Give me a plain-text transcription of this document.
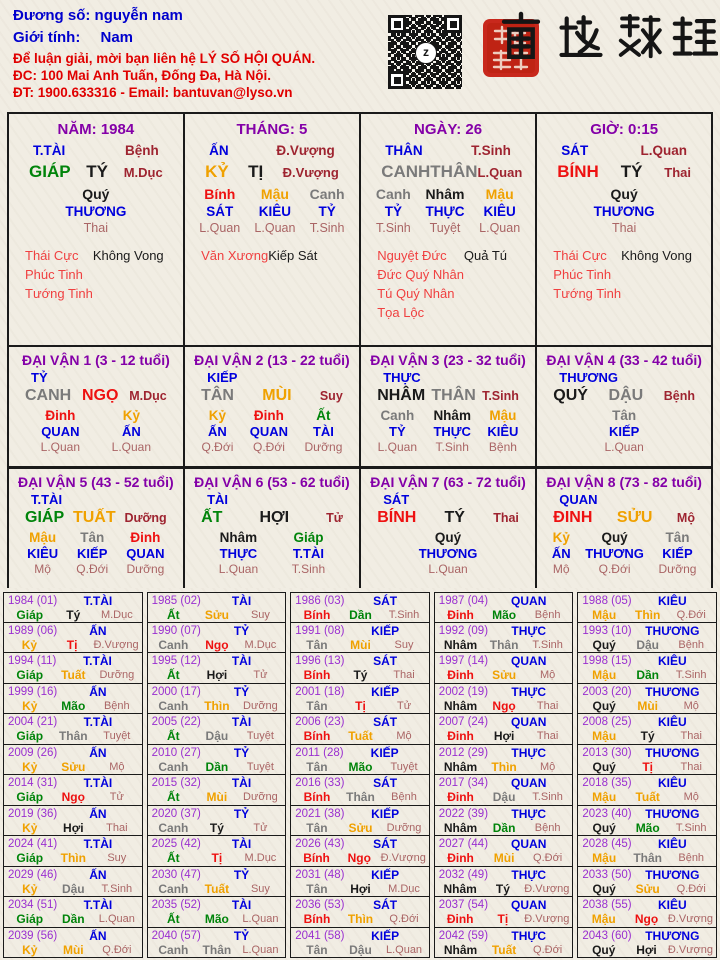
Đương số: nguyễn nam
Giới tính: Nam
Để luận giải, mời bạn liên hệ LÝ SỐ HỘI QUÁN.
ĐC: 100 Mai Anh Tuấn, Đống Đa, Hà Nội.
ĐT: 1900.633316 - Email: bantuvan@lyso.vn
z
NĂM: 1984
T.TÀI	Bệnh
GIÁP TÝ M.Dục
Quý
THƯƠNG
Thai
Thái Cực
Phúc Tinh
Tướng Tinh
Không Vong
THÁNG: 5
ẤN	Đ.Vượng
KỶ TỊ Đ.Vượng
Bính
SÁT
L.Quan
Mậu
KIÊU
L.Quan
Canh
TỶ
T.Sinh
Văn Xương Kiếp Sát
NGÀY: 26
THÂN	T.Sinh
CANH THÂN L.Quan
Canh
TỶ
T.Sinh
Nhâm
THỰC
Tuyệt
Mậu
KIÊU
L.Quan
Nguyệt Đức
Đức Quý Nhân
Tú Quý Nhân
Tọa Lộc
Quả Tú
GIỜ: 0:15
SÁT	L.Quan
BÍNH TÝ Thai
Quý
THƯƠNG
Thai
Thái Cực
Phúc Tinh
Tướng Tinh
Không Vong
ĐẠI VẬN 1 (3 - 12 tuổi)
TỶ
CANH NGỌ M.Dục
Đinh
QUAN
L.Quan
Kỷ
ẤN
L.Quan
ĐẠI VẬN 2 (13 - 22 tuổi)
KIẾP
TÂN MÙI Suy
Kỷ
ẤN
Q.Đới
Đinh
QUAN
Q.Đới
Ất
TÀI
Dưỡng
ĐẠI VẬN 3 (23 - 32 tuổi)
THỰC
NHÂM THÂN T.Sinh
Canh
TỶ
L.Quan
Nhâm
THỰC
T.Sinh
Mậu
KIÊU
Bệnh
ĐẠI VẬN 4 (33 - 42 tuổi)
THƯƠNG
QUÝ DẬU Bệnh
Tân
KIẾP
L.Quan
ĐẠI VẬN 5 (43 - 52 tuổi)
T.TÀI
GIÁP TUẤT Dưỡng
Mậu
KIÊU
Mộ
Tân
KIẾP
Q.Đới
Đinh
QUAN
Dưỡng
ĐẠI VẬN 6 (53 - 62 tuổi)
TÀI
ẤT HỢI	Tử
Nhâm
THỰC
L.Quan
Giáp
T.TÀI
T.Sinh
ĐẠI VẬN 7 (63 - 72 tuổi)
SÁT
BÍNH TÝ Thai
Quý
THƯƠNG
L.Quan
ĐẠI VẬN 8 (73 - 82 tuổi)
QUAN
ĐINH SỬU Mộ
Kỷ
ẤN
Mộ
Quý
THƯƠNG
Q.Đới
Tân
KIẾP
Dưỡng
1984 (01)	T.TÀI
Giáp	Tý	M.Dục
1985 (02)	TÀI
Ất	Sửu	Suy
1986 (03)	SÁT
Bính	Dần	T.Sinh
1987 (04)	QUAN
Đinh	Mão	Bệnh
1988 (05)	KIÊU
Mậu	Thìn	Q.Đới
1989 (06)	ẤN
Kỷ	Tị	Đ.Vượng
1990 (07)	TỶ
Canh	Ngọ	M.Dục
1991 (08)	KIẾP
Tân	Mùi	Suy
1992 (09)	THỰC
Nhâm	Thân	T.Sinh
1993 (10)	THƯƠNG
Quý	Dậu	Bệnh
1994 (11)	T.TÀI
Giáp	Tuất	Dưỡng
1995 (12)	TÀI
Ất	Hợi	Tử
1996 (13)	SÁT
Bính	Tý	Thai
1997 (14)	QUAN
Đinh	Sửu	Mộ
1998 (15)	KIÊU
Mậu	Dần	T.Sinh
1999 (16)	ẤN
Kỷ	Mão	Bệnh
2000 (17)	TỶ
Canh	Thìn	Dưỡng
2001 (18)	KIẾP
Tân	Tị	Tử
2002 (19)	THỰC
Nhâm	Ngọ	Thai
2003 (20)	THƯƠNG
Quý	Mùi	Mộ
2004 (21)	T.TÀI
Giáp	Thân	Tuyệt
2005 (22)	TÀI
Ất	Dậu	Tuyệt
2006 (23)	SÁT
Bính	Tuất	Mộ
2007 (24)	QUAN
Đinh	Hợi	Thai
2008 (25)	KIÊU
Mậu	Tý	Thai
2009 (26)	ẤN
Kỷ	Sửu	Mộ
2010 (27)	TỶ
Canh	Dần	Tuyệt
2011 (28)	KIẾP
Tân	Mão	Tuyệt
2012 (29)	THỰC
Nhâm	Thìn	Mộ
2013 (30)	THƯƠNG
Quý	Tị	Thai
2014 (31)	T.TÀI
Giáp	Ngọ	Tử
2015 (32)	TÀI
Ất	Mùi	Dưỡng
2016 (33)	SÁT
Bính	Thân	Bệnh
2017 (34)	QUAN
Đinh	Dậu	T.Sinh
2018 (35)	KIÊU
Mậu	Tuất	Mộ
2019 (36)	ẤN
Kỷ	Hợi	Thai
2020 (37)	TỶ
Canh	Tý	Tử
2021 (38)	KIẾP
Tân	Sửu	Dưỡng
2022 (39)	THỰC
Nhâm	Dần	Bệnh
2023 (40)	THƯƠNG
Quý	Mão	T.Sinh
2024 (41)	T.TÀI
Giáp	Thìn	Suy
2025 (42)	TÀI
Ất	Tị	M.Dục
2026 (43)	SÁT
Bính	Ngọ Đ.Vượng
2027 (44)	QUAN
Đinh	Mùi	Q.Đới
2028 (45)	KIÊU
Mậu	Thân	Bệnh
2029 (46)	ẤN
Kỷ	Dậu	T.Sinh
2030 (47)	TỶ
Canh	Tuất	Suy
2031 (48)	KIẾP
Tân	Hợi	M.Dục
2032 (49)	THỰC
Nhâm	Tý	Đ.Vượng
2033 (50)	THƯƠNG
Quý	Sửu	Q.Đới
2034 (51)	T.TÀI
Giáp	Dần	L.Quan
2035 (52)	TÀI
Ất	Mão	L.Quan
2036 (53)	SÁT
Bính	Thìn	Q.Đới
2037 (54)	QUAN
Đinh	Tị	Đ.Vượng
2038 (55)	KIÊU
Mậu	Ngọ Đ.Vượng
2039 (56)	ẤN
Kỷ	Mùi	Q.Đới
2040 (57)	TỶ
Canh	Thân	L.Quan
2041 (58)	KIẾP
Tân	Dậu	L.Quan
2042 (59)	THỰC
Nhâm	Tuất	Q.Đới
2043 (60)	THƯƠNG
Quý	Hợi	Đ.Vượng
